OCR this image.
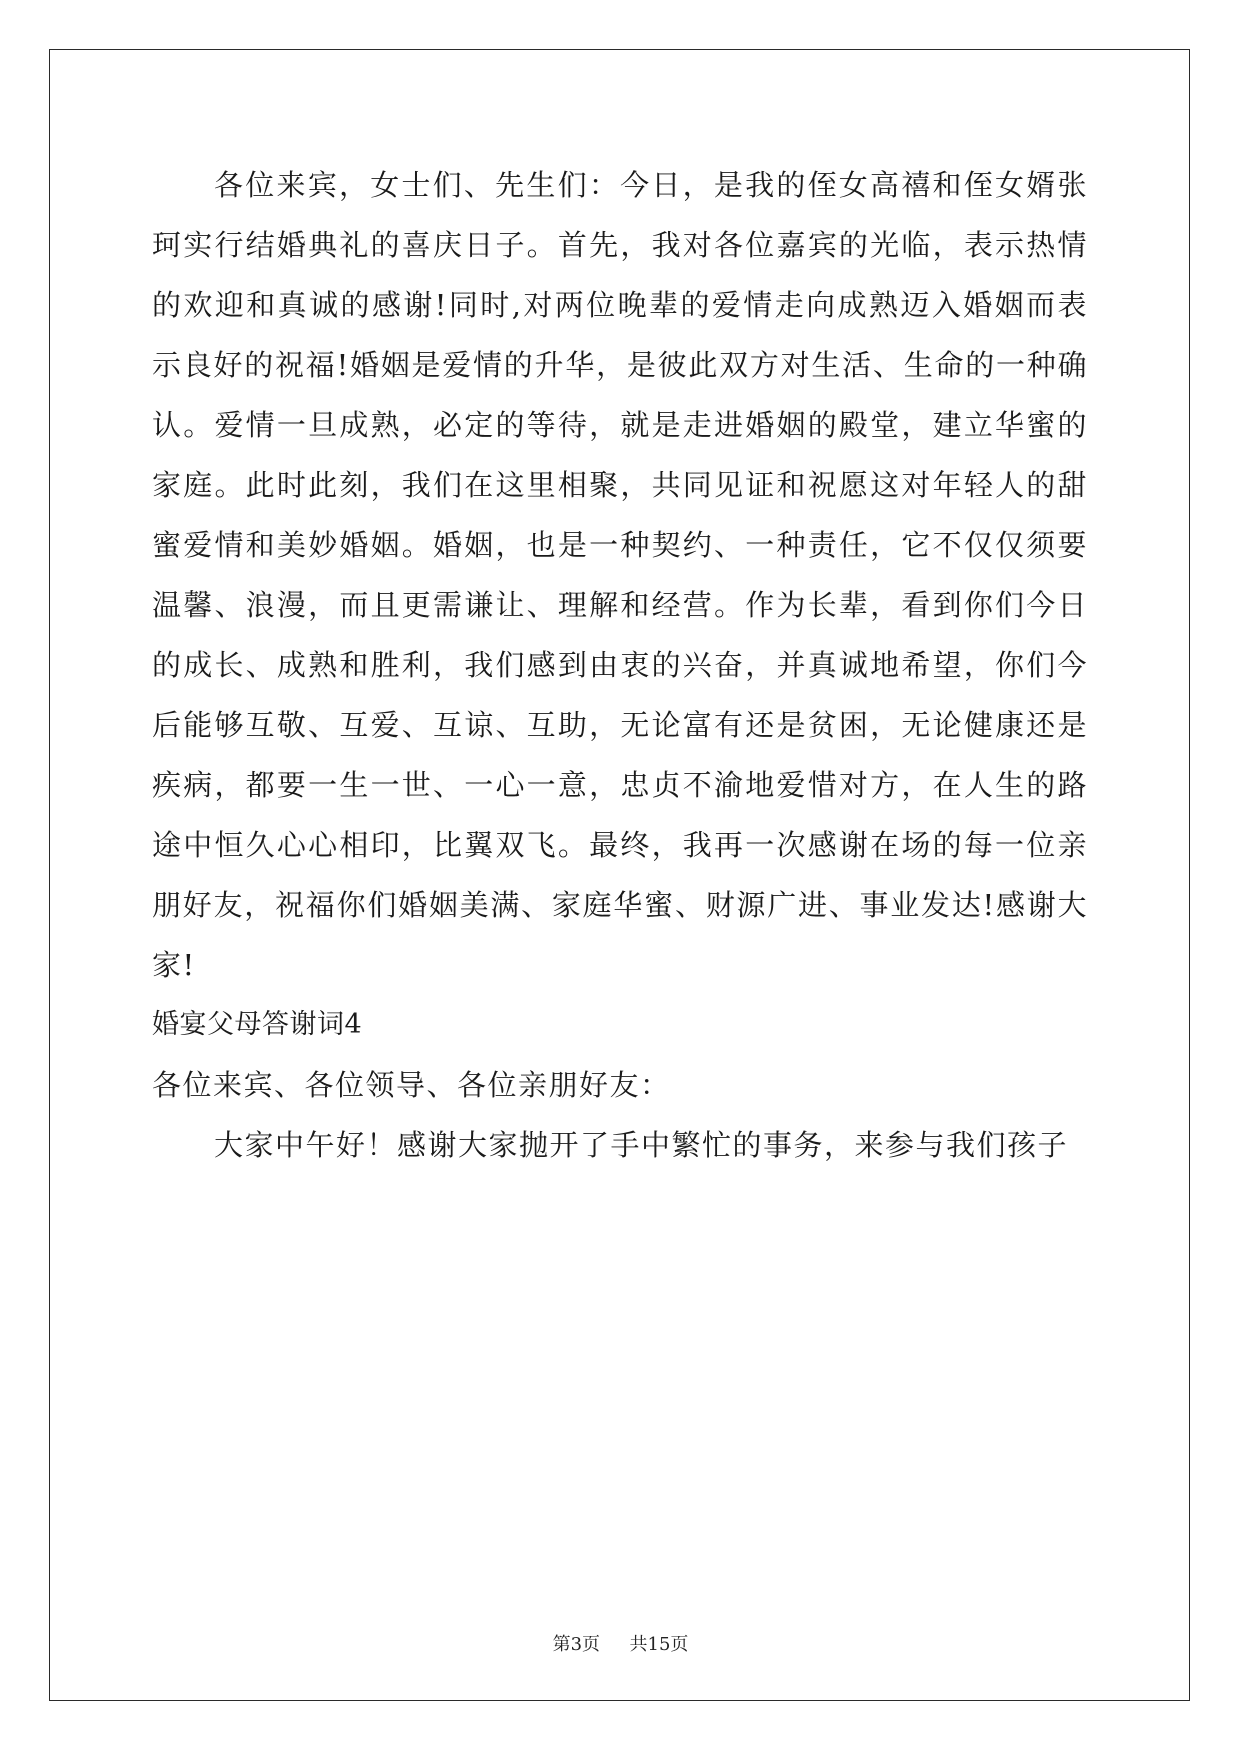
各位来宾，女士们、先生们：今日，是我的侄女高禧和侄女婿张珂实行结婚典礼的喜庆日子。首先，我对各位嘉宾的光临，表示热情的欢迎和真诚的感谢!同时,对两位晚辈的爱情走向成熟迈入婚姻而表示良好的祝福!婚姻是爱情的升华，是彼此双方对生活、生命的一种确认。爱情一旦成熟，必定的等待，就是走进婚姻的殿堂，建立华蜜的家庭。此时此刻，我们在这里相聚，共同见证和祝愿这对年轻人的甜蜜爱情和美妙婚姻。婚姻，也是一种契约、一种责任，它不仅仅须要温馨、浪漫，而且更需谦让、理解和经营。作为长辈，看到你们今日的成长、成熟和胜利，我们感到由衷的兴奋，并真诚地希望，你们今后能够互敬、互爱、互谅、互助，无论富有还是贫困，无论健康还是疾病，都要一生一世、一心一意，忠贞不渝地爱惜对方，在人生的路途中恒久心心相印，比翼双飞。最终，我再一次感谢在场的每一位亲朋好友，祝福你们婚姻美满、家庭华蜜、财源广进、事业发达!感谢大家!

婚宴父母答谢词4

各位来宾、各位领导、各位亲朋好友：

大家中午好！感谢大家抛开了手中繁忙的事务，来参与我们孩子

第3页 共15页
